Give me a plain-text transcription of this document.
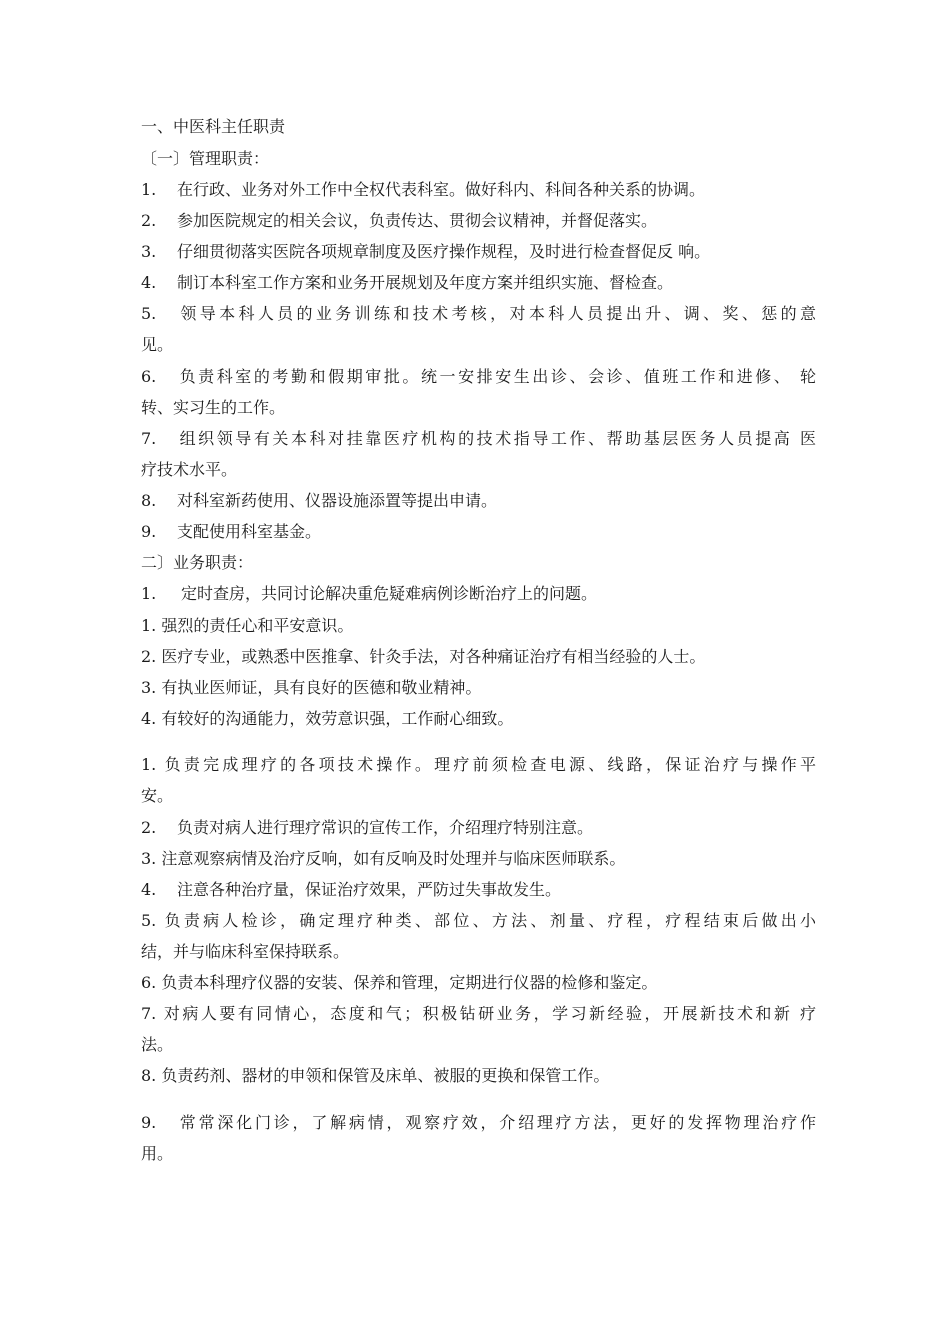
一、中医科主任职责
〔一〕管理职责：
1. 在行政、业务对外工作中全权代表科室。做好科内、科间各种关系的协调。
2. 参加医院规定的相关会议，负责传达、贯彻会议精神，并督促落实。
3. 仔细贯彻落实医院各项规章制度及医疗操作规程，及时进行检查督促反 响。
4. 制订本科室工作方案和业务开展规划及年度方案并组织实施、督检查。
5. 领导本科人员的业务训练和技术考核，对本科人员提出升、调、奖、惩的意
见。
6. 负责科室的考勤和假期审批。统一安排安生出诊、会诊、值班工作和进修、 轮
转、实习生的工作。
7. 组织领导有关本科对挂靠医疗机构的技术指导工作、帮助基层医务人员提高 医
疗技术水平。
8. 对科室新药使用、仪器设施添置等提出申请。
9. 支配使用科室基金。
二〕业务职责：
1. 定时查房，共同讨论解决重危疑难病例诊断治疗上的问题。
1. 强烈的责任心和平安意识。
2. 医疗专业，或熟悉中医推拿、针灸手法，对各种痛证治疗有相当经验的人士。
3. 有执业医师证，具有良好的医德和敬业精神。
4. 有较好的沟通能力，效劳意识强，工作耐心细致。
1. 负责完成理疗的各项技术操作。理疗前须检查电源、线路，保证治疗与操作平
安。
2. 负责对病人进行理疗常识的宣传工作，介绍理疗特别注意。
3. 注意观察病情及治疗反响，如有反响及时处理并与临床医师联系。
4. 注意各种治疗量，保证治疗效果，严防过失事故发生。
5. 负责病人检诊，确定理疗种类、部位、方法、剂量、疗程，疗程结束后做出小
结，并与临床科室保持联系。
6. 负责本科理疗仪器的安装、保养和管理，定期进行仪器的检修和鉴定。
7. 对病人要有同情心，态度和气；积极钻研业务，学习新经验，开展新技术和新 疗
法。
8. 负责药剂、器材的申领和保管及床单、被服的更换和保管工作。
9. 常常深化门诊，了解病情，观察疗效，介绍理疗方法，更好的发挥物理治疗作
用。
